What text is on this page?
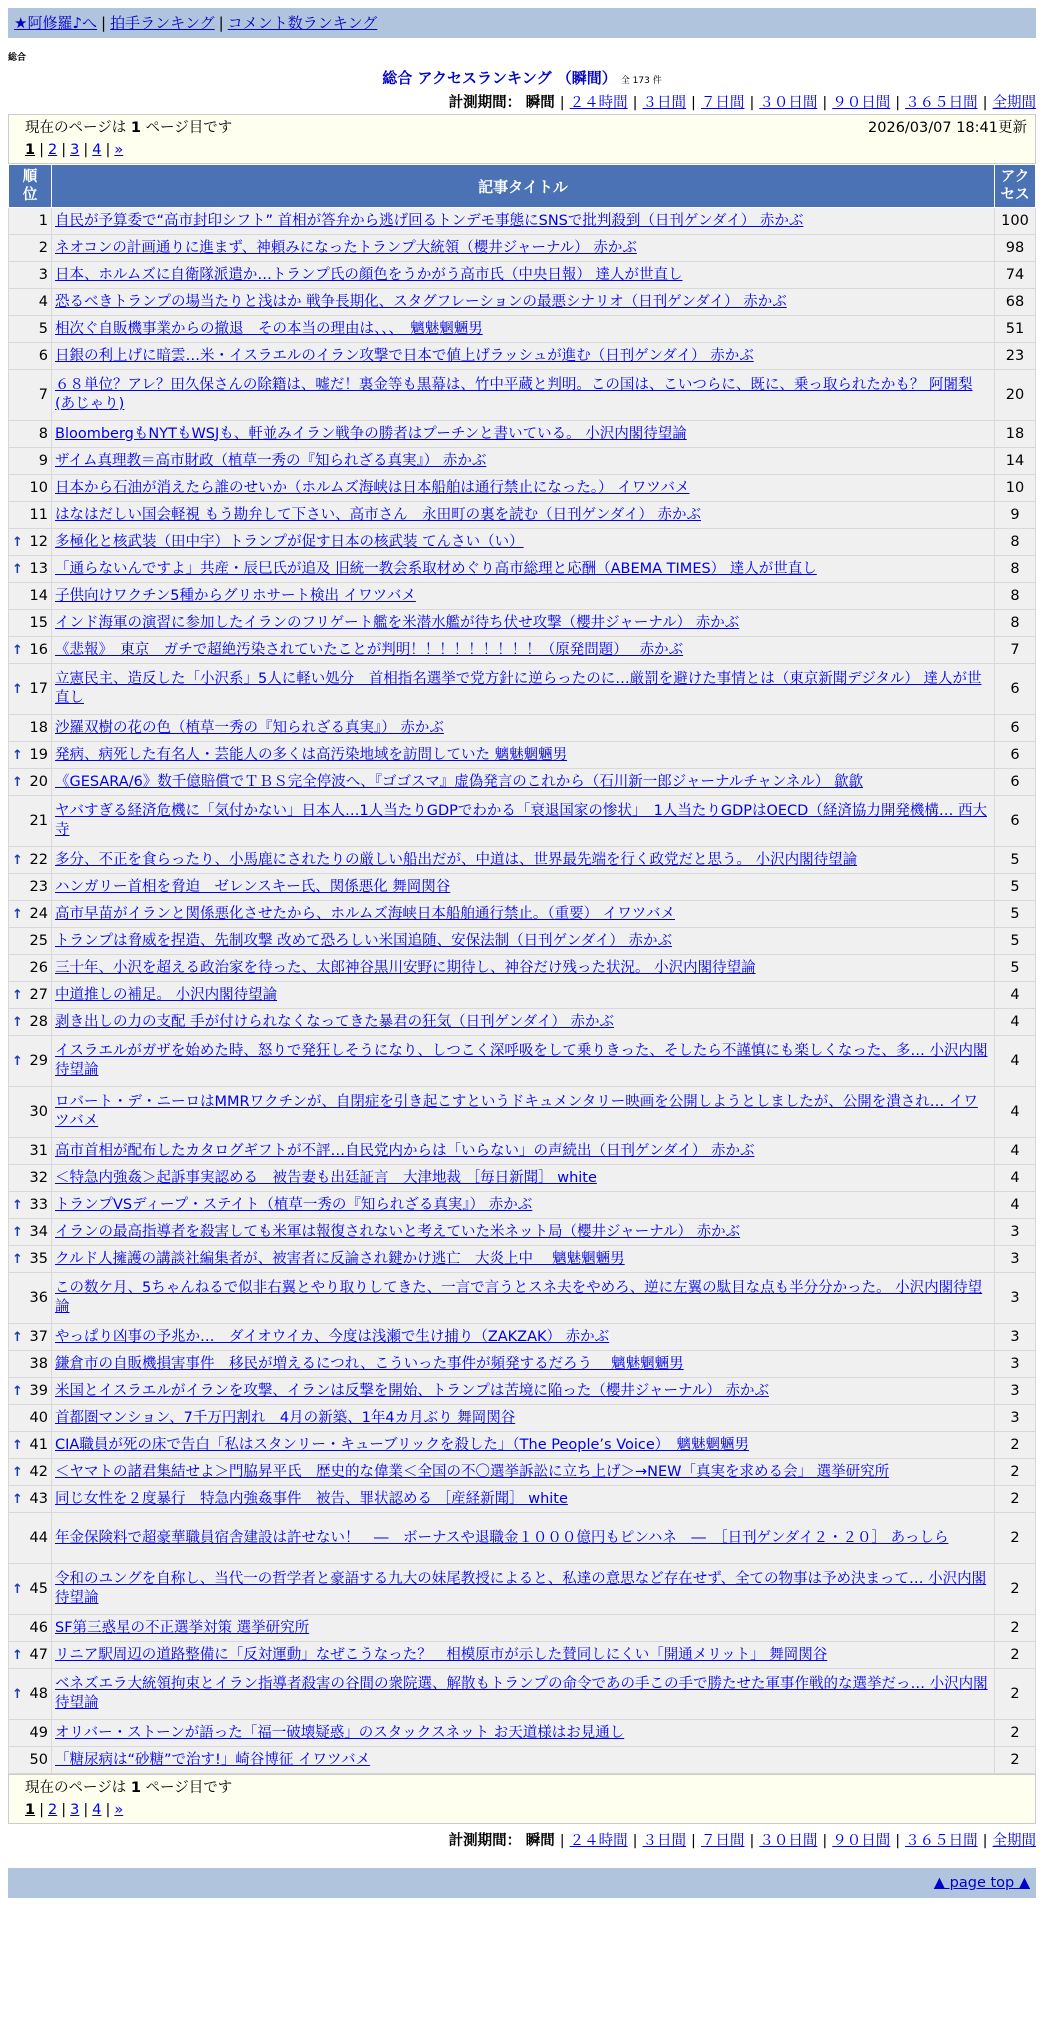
★阿修羅♪へ | 拍手ランキング | コメント数ランキング
総合
総合 アクセスランキング （瞬間） 全 173 件
計測期間： 瞬間 | ２４時間 | ３日間 | ７日間 | ３０日間 | ９０日間 | ３６５日間 | 全期間
現在のページは 1 ページ目です	2026/03/07 18:41更新
1 | 2 | 3 | 4 | »
順位	記事タイトル	アクセス
1	自民が予算委で“高市封印シフト” 首相が答弁から逃げ回るトンデモ事態にSNSで批判殺到（日刊ゲンダイ） 赤かぶ	100
2	ネオコンの計画通りに進まず、神頼みになったトランプ大統領（櫻井ジャーナル） 赤かぶ	98
3	日本、ホルムズに自衛隊派遣か…トランプ氏の顔色をうかがう高市氏（中央日報） 達人が世直し	74
4	恐るべきトランプの場当たりと浅はか 戦争長期化、スタグフレーションの最悪シナリオ（日刊ゲンダイ） 赤かぶ	68
5	相次ぐ自販機事業からの撤退　その本当の理由は、、、　魑魅魍魎男	51
6	日銀の利上げに暗雲…米・イスラエルのイラン攻撃で日本で値上げラッシュが進む（日刊ゲンダイ） 赤かぶ	23
7	６８単位？アレ？田久保さんの除籍は、嘘だ！裏金等も黒幕は、竹中平蔵と判明。この国は、こいつらに、既に、乗っ取られたかも？ 阿闍梨(あじゃり)	20
8	BloombergもNYTもWSJも、軒並みイラン戦争の勝者はプーチンと書いている。 小沢内閣待望論	18
9	ザイム真理教＝高市財政（植草一秀の『知られざる真実』） 赤かぶ	14
10	日本から石油が消えたら誰のせいか（ホルムズ海峡は日本船舶は通行禁止になった。） イワツバメ	10
11	はなはだしい国会軽視 もう勘弁して下さい、高市さん　永田町の裏を読む（日刊ゲンダイ） 赤かぶ	9

↑ 12	多極化と核武装（田中宇）トランプが促す日本の核武装 てんさい（い）	8

↑ 13	「通らないんですよ」共産・辰巳氏が追及 旧統一教会系取材めぐり高市総理と応酬（ABEMA TIMES） 達人が世直し	8
14	子供向けワクチン5種からグリホサート検出 イワツバメ	8
15	インド海軍の演習に参加したイランのフリゲート艦を米潜水艦が待ち伏せ攻撃（櫻井ジャーナル） 赤かぶ	8

↑ 16	《悲報》　東京　ガチで超絶汚染されていたことが判明！！！！！！！！！（原発問題）　 赤かぶ	7

↑ 17	立憲民主、造反した「小沢系」5人に軽い処分　首相指名選挙で党方針に逆らったのに…厳罰を避けた事情とは（東京新聞デジタル） 達人が世直し	6
18	沙羅双樹の花の色（植草一秀の『知られざる真実』） 赤かぶ	6

↑ 19	発病、病死した有名人・芸能人の多くは高汚染地域を訪問していた 魑魅魍魎男	6

↑ 20	《GESARA/6》数千億賠償でＴＢＳ完全停波へ、『ゴゴスマ』虚偽発言のこれから（石川新一郎ジャーナルチャンネル） 歙歙	6
21	ヤバすぎる経済危機に「気付かない」日本人…1人当たりGDPでわかる「衰退国家の惨状」　1人当たりGDPはOECD（経済協力開発機構… 西大寺	6

↑ 22	多分、不正を食らったり、小馬鹿にされたりの厳しい船出だが、中道は、世界最先端を行く政党だと思う。 小沢内閣待望論	5
23	ハンガリー首相を脅迫　ゼレンスキー氏、関係悪化 舞岡関谷	5

↑ 24	高市早苗がイランと関係悪化させたから、ホルムズ海峡日本船舶通行禁止。（重要） イワツバメ	5
25	トランプは脅威を捏造、先制攻撃 改めて恐ろしい米国追随、安保法制（日刊ゲンダイ） 赤かぶ	5
26	三十年、小沢を超える政治家を待った、太郎神谷黒川安野に期待し、神谷だけ残った状況。 小沢内閣待望論	5

↑ 27	中道推しの補足。 小沢内閣待望論	4

↑ 28	剥き出しの力の支配 手が付けられなくなってきた暴君の狂気（日刊ゲンダイ） 赤かぶ	4

↑ 29	イスラエルがガザを始めた時、怒りで発狂しそうになり、しつこく深呼吸をして乗りきった、そしたら不謹慎にも楽しくなった、多… 小沢内閣待望論	4
30	ロバート・デ・ニーロはMMRワクチンが、自閉症を引き起こすというドキュメンタリー映画を公開しようとしましたが、公開を潰され… イワツバメ	4
31	高市首相が配布したカタログギフトが不評…自民党内からは「いらない」の声続出（日刊ゲンダイ） 赤かぶ	4
32	＜特急内強姦＞起訴事実認める　被告妻も出廷証言　大津地裁 ［毎日新聞］ white	4

↑ 33	トランプVSディープ・ステイト（植草一秀の『知られざる真実』） 赤かぶ	4

↑ 34	イランの最高指導者を殺害しても米軍は報復されないと考えていた米ネット局（櫻井ジャーナル） 赤かぶ	3

↑ 35	クルド人擁護の講談社編集者が、被害者に反論され鍵かけ逃亡　大炎上中　 魑魅魍魎男	3
36	この数ケ月、5ちゃんねるで似非右翼とやり取りしてきた、一言で言うとスネ夫をやめろ、逆に左翼の駄目な点も半分分かった。 小沢内閣待望論	3

↑ 37	やっぱり凶事の予兆か…　ダイオウイカ、今度は浅瀬で生け捕り（ZAKZAK） 赤かぶ	3
38	鎌倉市の自販機損害事件　移民が増えるにつれ、こういった事件が頻発するだろう　 魑魅魍魎男	3

↑ 39	米国とイスラエルがイランを攻撃、イランは反撃を開始、トランプは苦境に陥った（櫻井ジャーナル） 赤かぶ	3
40	首都圏マンション、7千万円割れ　4月の新築、1年4カ月ぶり 舞岡関谷	3

↑ 41	CIA職員が死の床で告白「私はスタンリー・キューブリックを殺した」（The People’s Voice）　魑魅魍魎男	2

↑ 42	＜ヤマトの諸君集結せよ＞門脇昇平氏　歴史的な偉業＜全国の不〇選挙訴訟に立ち上げ＞→NEW「真実を求める会」 選挙研究所	2

↑ 43	同じ女性を２度暴行　特急内強姦事件　被告、罪状認める ［産経新聞］ white	2
44	年金保険料で超豪華職員宿舎建設は許せない！　―　ボーナスや退職金１０００億円もピンハネ　―　［日刊ゲンダイ２・２０］ あっしら	2

↑ 45	令和のユングを自称し、当代一の哲学者と豪語する九大の妹尾教授によると、私達の意思など存在せず、全ての物事は予め決まって… 小沢内閣待望論	2
46	SF第三惑星の不正選挙対策 選挙研究所	2

↑ 47	リニア駅周辺の道路整備に「反対運動」なぜこうなった？　相模原市が示した賛同しにくい「開通メリット」 舞岡関谷	2

↑ 48	ベネズエラ大統領拘束とイラン指導者殺害の谷間の衆院選、解散もトランプの命令であの手この手で勝たせた軍事作戦的な選挙だっ… 小沢内閣待望論	2
49	オリバー・ストーンが語った「福一破壊疑惑」のスタックスネット お天道様はお見通し	2
50	「糖尿病は“砂糖”で治す!」崎谷博征 イワツバメ	2
現在のページは 1 ページ目です
1 | 2 | 3 | 4 | »
計測期間： 瞬間 | ２４時間 | ３日間 | ７日間 | ３０日間 | ９０日間 | ３６５日間 | 全期間
▲ page top ▲
